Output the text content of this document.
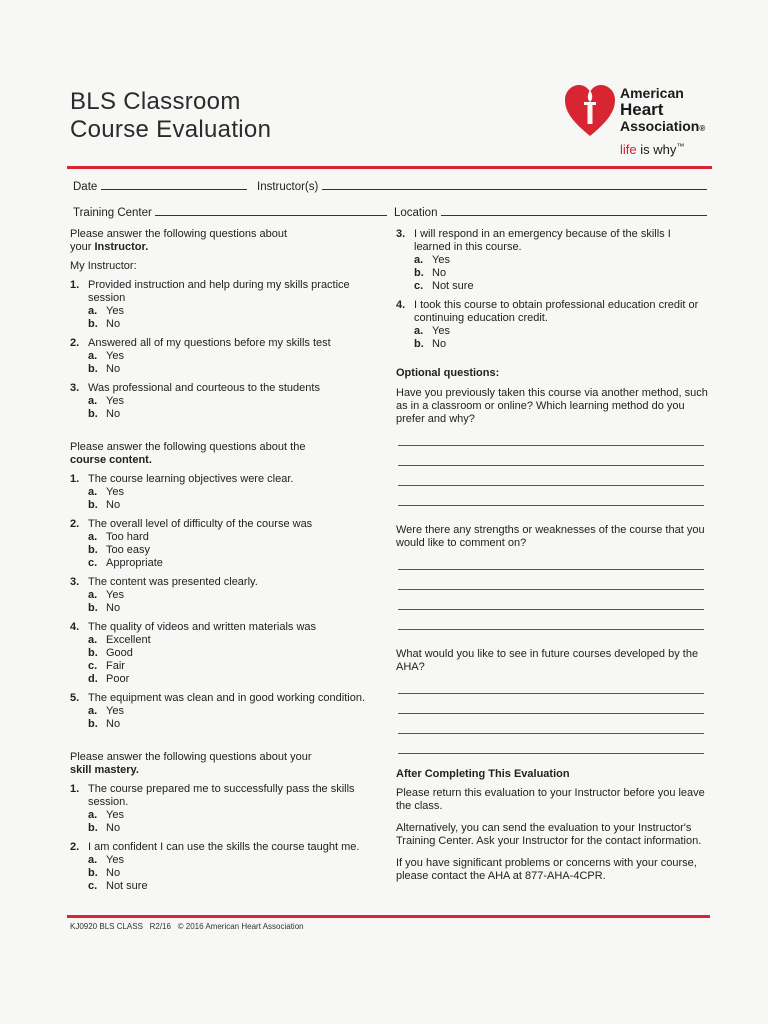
BLS Classroom
Course Evaluation
American
Heart
Association®
life is why™
Date	Instructor(s)
Training Center	Location
Please answer the following questions about
your Instructor.
My Instructor:
1. Provided instruction and help during my skills practice session
a. Yes
b. No
2. Answered all of my questions before my skills test
a. Yes
b. No
3. Was professional and courteous to the students
a. Yes
b. No
Please answer the following questions about the
course content.
1. The course learning objectives were clear.
a. Yes
b. No
2. The overall level of difficulty of the course was
a. Too hard
b. Too easy
c. Appropriate
3. The content was presented clearly.
a. Yes
b. No
4. The quality of videos and written materials was
a. Excellent
b. Good
c. Fair
d. Poor
5. The equipment was clean and in good working condition.
a. Yes
b. No
Please answer the following questions about your
skill mastery.
1. The course prepared me to successfully pass the skills session.
a. Yes
b. No
2. I am confident I can use the skills the course taught me.
a. Yes
b. No
c. Not sure
3. I will respond in an emergency because of the skills I learned in this course.
a. Yes
b. No
c. Not sure
4. I took this course to obtain professional education credit or continuing education credit.
a. Yes
b. No
Optional questions:
Have you previously taken this course via another method, such as in a classroom or online? Which learning method do you prefer and why?
Were there any strengths or weaknesses of the course that you would like to comment on?
What would you like to see in future courses developed by the AHA?
After Completing This Evaluation
Please return this evaluation to your Instructor before you leave the class.
Alternatively, you can send the evaluation to your Instructor's Training Center. Ask your Instructor for the contact information.
If you have significant problems or concerns with your course, please contact the AHA at 877-AHA-4CPR.
KJ0920 BLS CLASS R2/16 © 2016 American Heart Association
